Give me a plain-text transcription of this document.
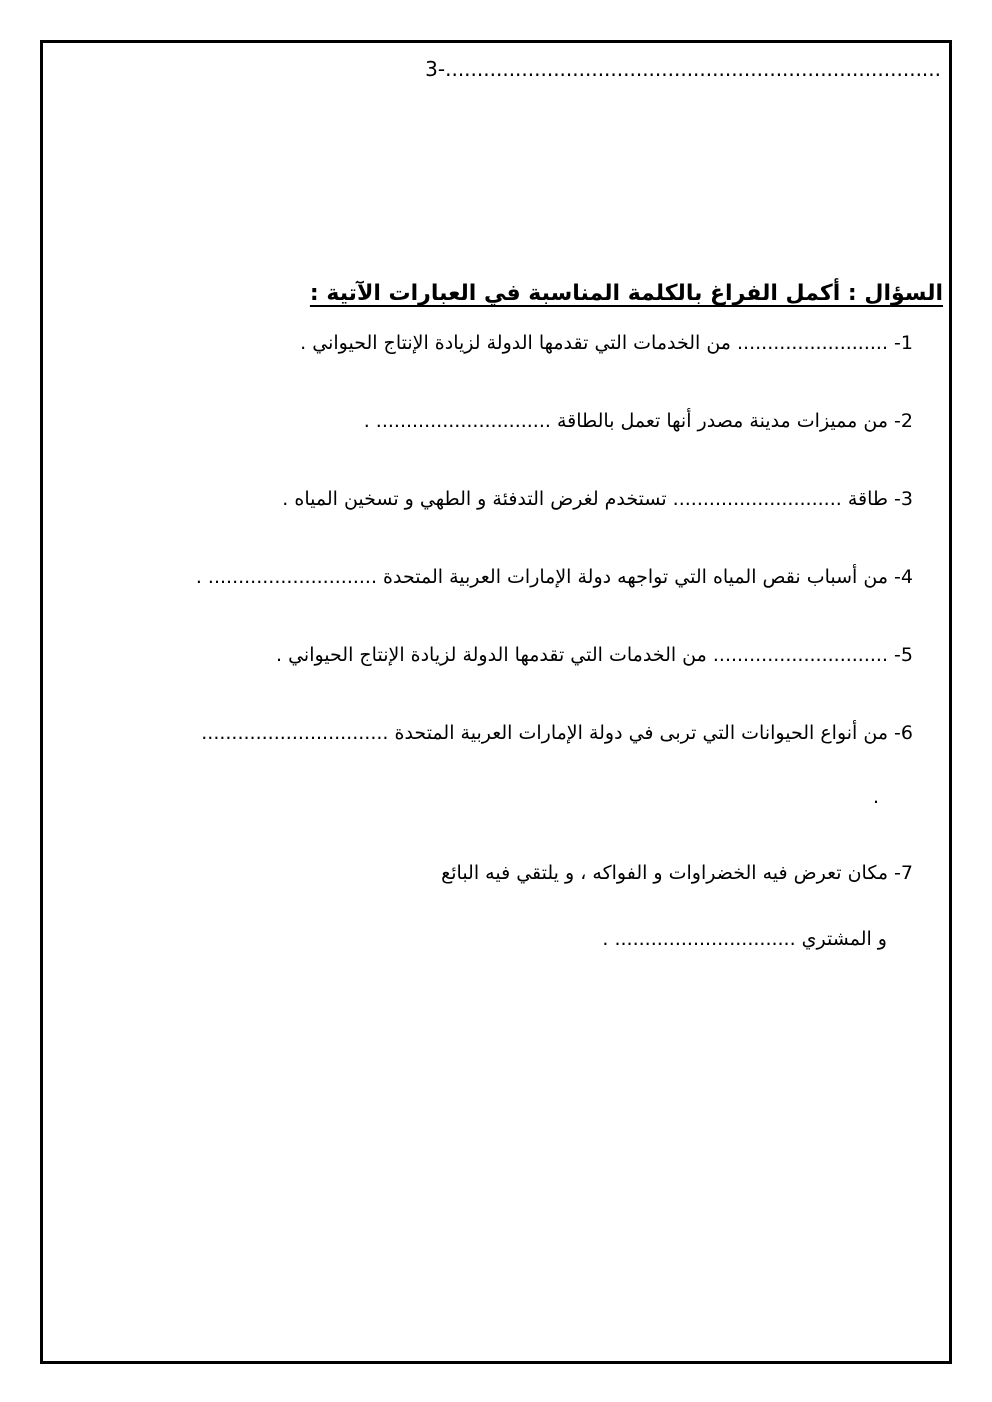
3-..............................................................................
السؤال : أكمل الفراغ بالكلمة المناسبة في العبارات الآتية :
1- ......................... من الخدمات التي تقدمها الدولة لزيادة الإنتاج الحيواني .
2- من مميزات مدينة مصدر أنها تعمل بالطاقة ............................. .
3- طاقة ............................ تستخدم لغرض التدفئة و الطهي و تسخين المياه .
4- من أسباب نقص المياه التي تواجهه دولة الإمارات العربية المتحدة ............................ .
5- ............................. من الخدمات التي تقدمها الدولة لزيادة الإنتاج الحيواني .
6- من أنواع الحيوانات التي تربى في دولة الإمارات العربية المتحدة ...............................
.
7- مكان تعرض فيه الخضراوات و الفواكه ، و يلتقي فيه البائع
و المشتري .............................. .
